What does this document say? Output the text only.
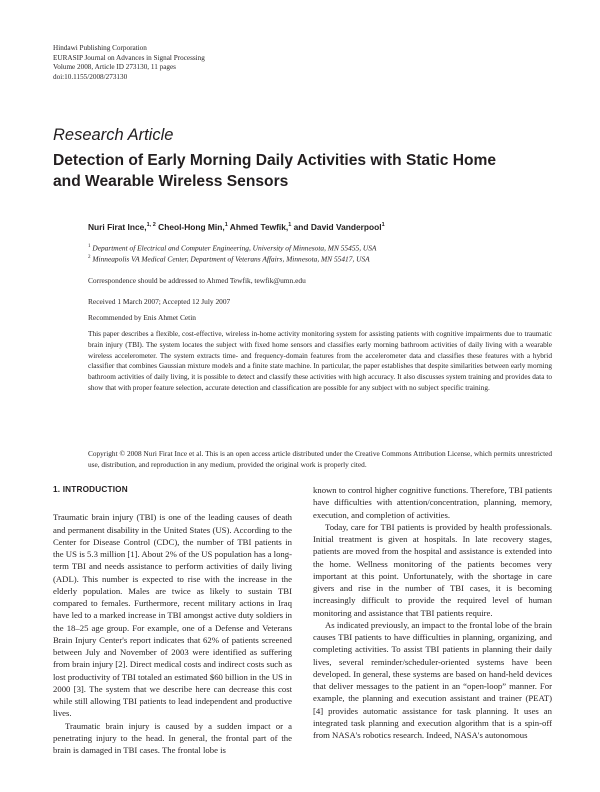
Hindawi Publishing Corporation
EURASIP Journal on Advances in Signal Processing
Volume 2008, Article ID 273130, 11 pages
doi:10.1155/2008/273130
Research Article
Detection of Early Morning Daily Activities with Static Home
and Wearable Wireless Sensors
Nuri Firat Ince,$^{1, 2}$ Cheol-Hong Min,$^1$ Ahmed Tewfik,$^1$ and David Vanderpool$^1$
$^1$ Department of Electrical and Computer Engineering, University of Minnesota, MN 55455, USA
$^2$ Minneapolis VA Medical Center, Department of Veterans Affairs, Minnesota, MN 55417, USA
Correspondence should be addressed to Ahmed Tewfik, tewfik@umn.edu
Received 1 March 2007; Accepted 12 July 2007
Recommended by Enis Ahmet Cetin
This paper describes a flexible, cost-effective, wireless in-home activity monitoring system for assisting patients with cognitive impairments due to traumatic brain injury (TBI). The system locates the subject with fixed home sensors and classifies early morning bathroom activities of daily living with a wearable wireless accelerometer. The system extracts time- and frequency-domain features from the accelerometer data and classifies these features with a hybrid classifier that combines Gaussian mixture models and a finite state machine. In particular, the paper establishes that despite similarities between early morning bathroom activities of daily living, it is possible to detect and classify these activities with high accuracy. It also discusses system training and provides data to show that with proper feature selection, accurate detection and classification are possible for any subject with no subject specific training.
Copyright © 2008 Nuri Firat Ince et al. This is an open access article distributed under the Creative Commons Attribution License, which permits unrestricted use, distribution, and reproduction in any medium, provided the original work is properly cited.
1. INTRODUCTION

Traumatic brain injury (TBI) is one of the leading causes of death and permanent disability in the United States (US). According to the Center for Disease Control (CDC), the number of TBI patients in the US is 5.3 million [1]. About 2% of the US population has a long-term TBI and needs assistance to perform activities of daily living (ADL). This number is expected to rise with the increase in the elderly population. Males are twice as likely to sustain TBI compared to females. Furthermore, recent military actions in Iraq have led to a marked increase in TBI amongst active duty soldiers in the 18–25 age group. For example, one of a Defense and Veterans Brain Injury Center's report indicates that 62% of patients screened between July and November of 2003 were identified as suffering from brain injury [2]. Direct medical costs and indirect costs such as lost productivity of TBI totaled an estimated $60 billion in the US in 2000 [3]. The system that we describe here can decrease this cost while still allowing TBI patients to lead independent and productive lives.

Traumatic brain injury is caused by a sudden impact or a penetrating injury to the head. In general, the frontal part of the brain is damaged in TBI cases. The frontal lobe is

known to control higher cognitive functions. Therefore, TBI patients have difficulties with attention/concentration, planning, memory, execution, and completion of activities.

Today, care for TBI patients is provided by health professionals. Initial treatment is given at hospitals. In late recovery stages, patients are moved from the hospital and assistance is extended into the home. Wellness monitoring of the patients becomes very important at this point. Unfortunately, with the shortage in care givers and rise in the number of TBI cases, it is becoming increasingly difficult to provide the required level of human monitoring and assistance that TBI patients require.

As indicated previously, an impact to the frontal lobe of the brain causes TBI patients to have difficulties in planning, organizing, and completing activities. To assist TBI patients in planning their daily lives, several reminder/scheduler-oriented systems have been developed. In general, these systems are based on hand-held devices that deliver messages to the patient in an “open-loop” manner. For example, the planning and execution assistant and trainer (PEAT) [4] provides automatic assistance for task planning. It uses an integrated task planning and execution algorithm that is a spin-off from NASA's robotics research. Indeed, NASA's autonomous
